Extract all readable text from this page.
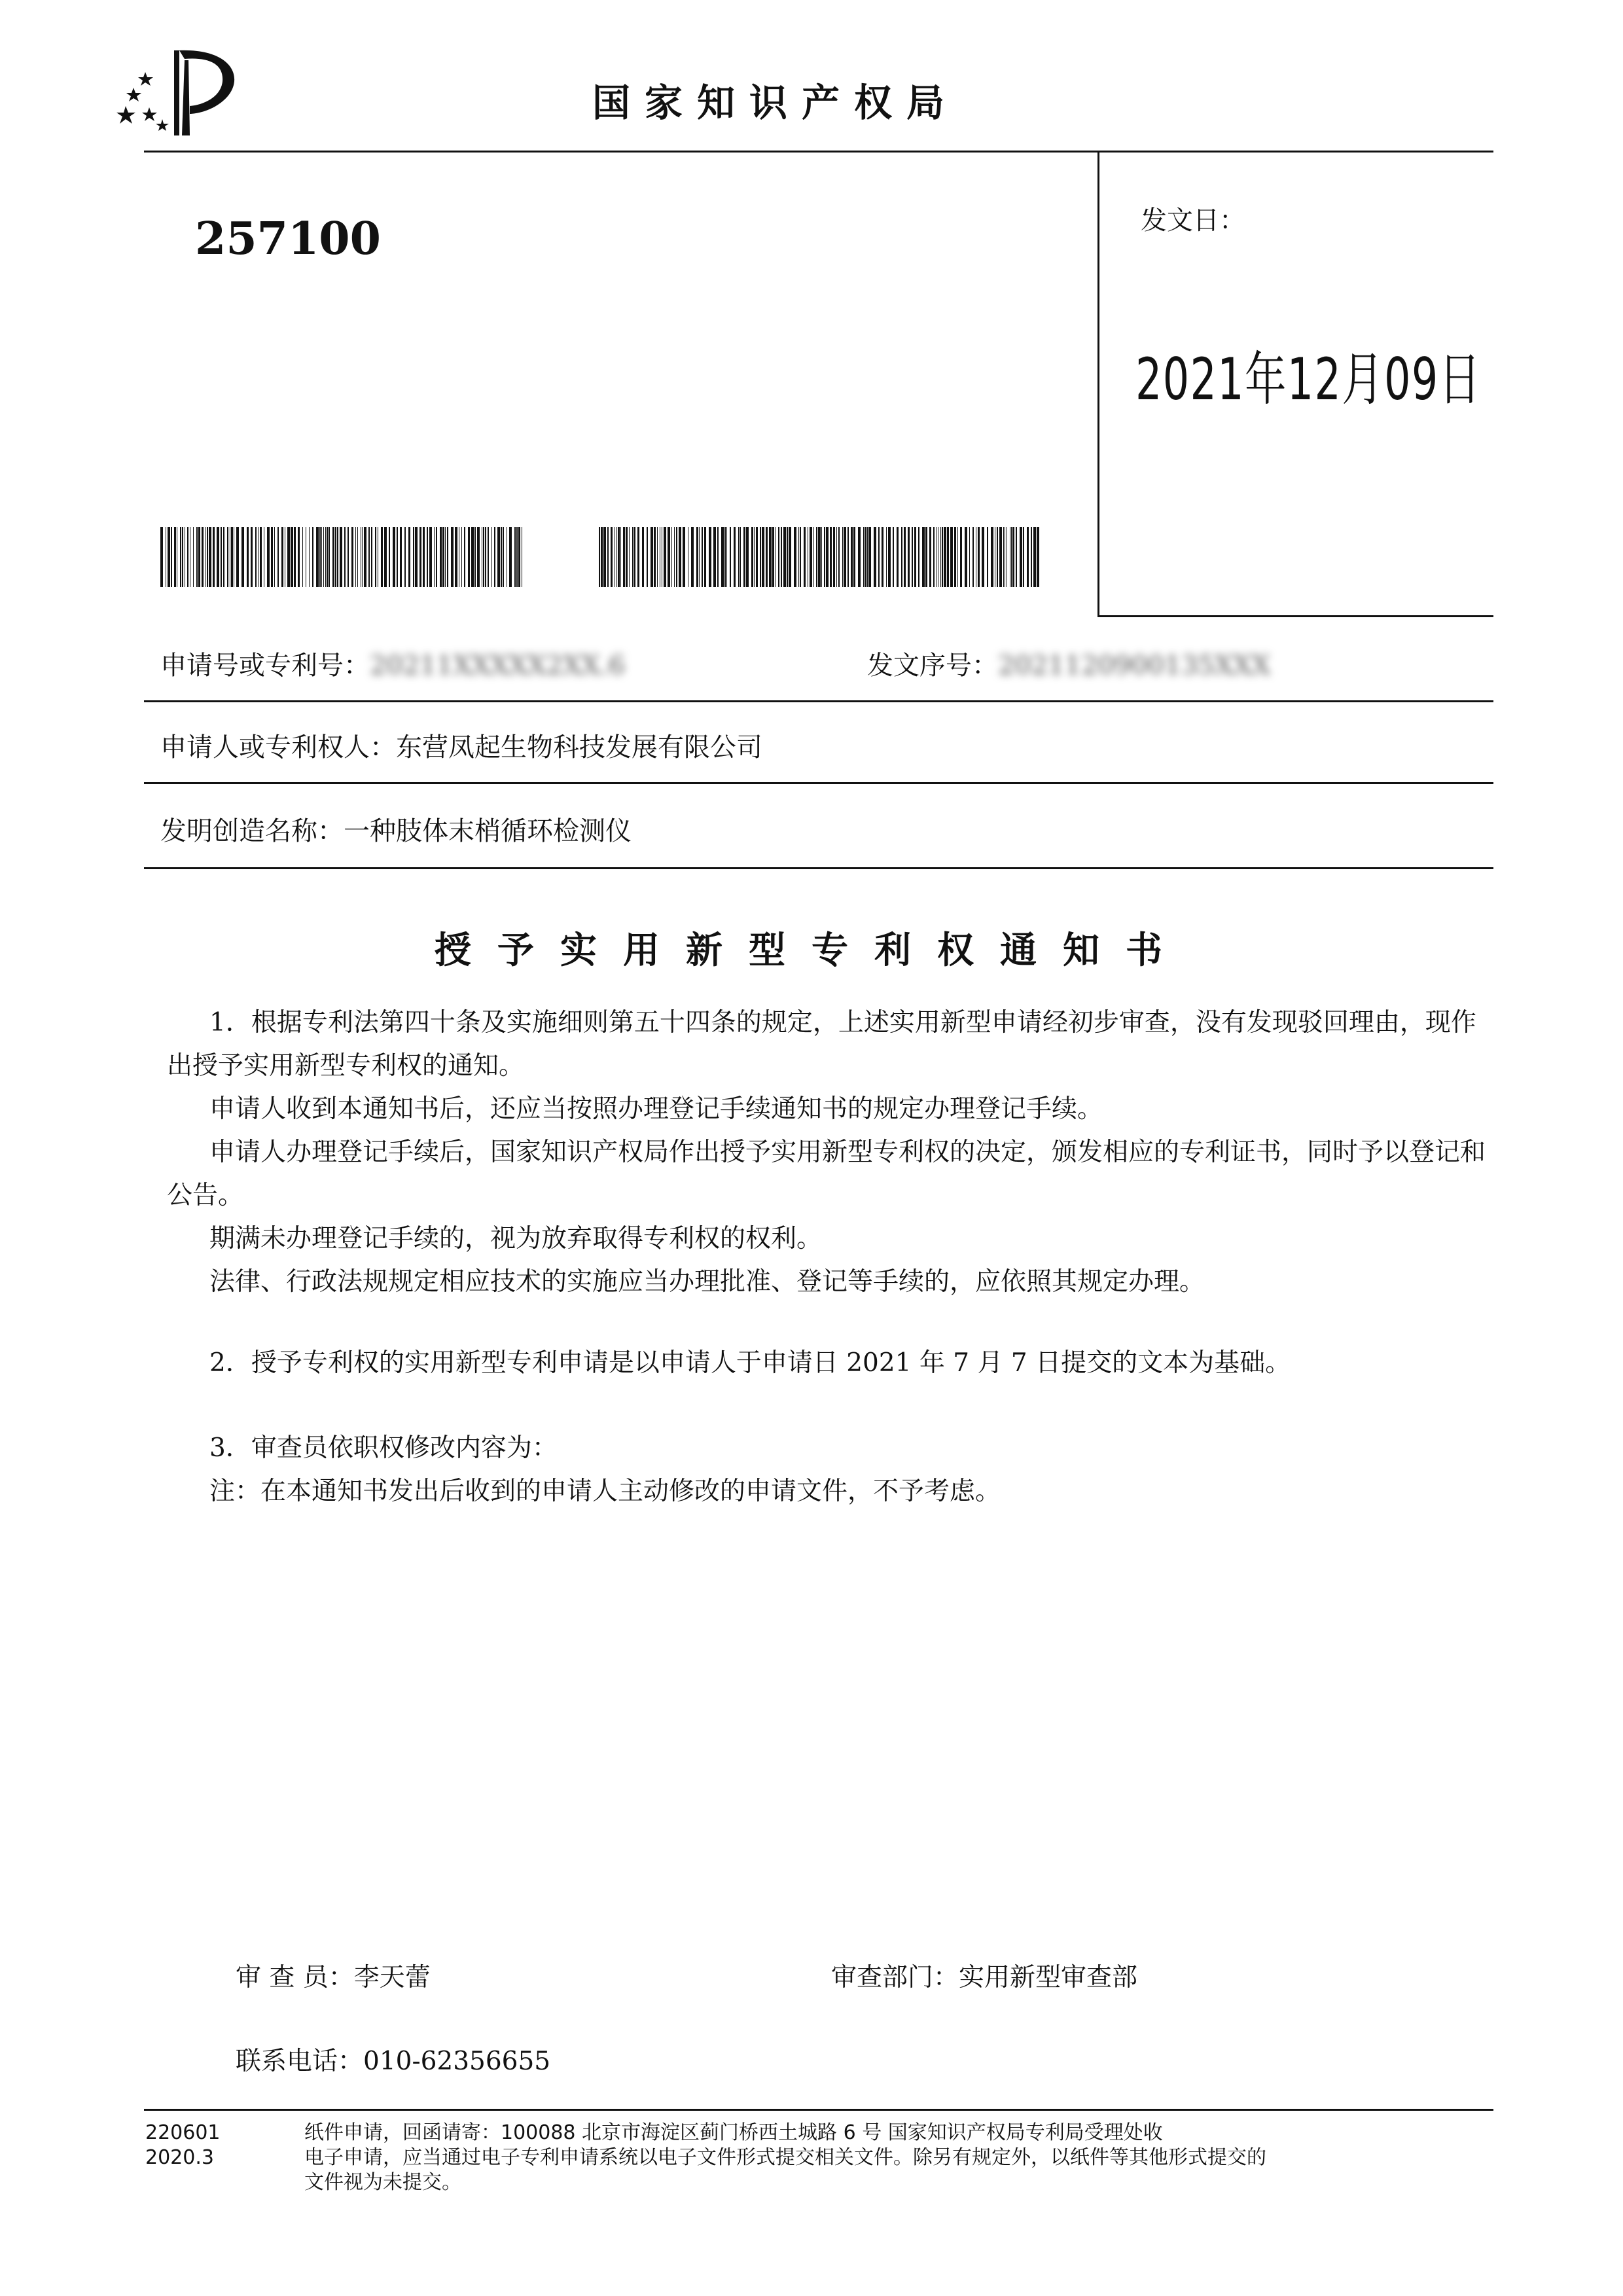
国家知识产权局
257100	发文日：
2021年12月09日
申请号或专利号：20211XXXXX2XX.6	发文序号：2021120900135XXX
申请人或专利权人：东营凤起生物科技发展有限公司
发明创造名称：一种肢体末梢循环检测仪
授予实用新型专利权通知书
1．根据专利法第四十条及实施细则第五十四条的规定，上述实用新型申请经初步审查，没有发现驳回理由，现作出授予实用新型专利权的通知。
申请人收到本通知书后，还应当按照办理登记手续通知书的规定办理登记手续。
申请人办理登记手续后，国家知识产权局作出授予实用新型专利权的决定，颁发相应的专利证书，同时予以登记和公告。
期满未办理登记手续的，视为放弃取得专利权的权利。
法律、行政法规规定相应技术的实施应当办理批准、登记等手续的，应依照其规定办理。
2．授予专利权的实用新型专利申请是以申请人于申请日 2021 年 7 月 7 日提交的文本为基础。
3．审查员依职权修改内容为：
注：在本通知书发出后收到的申请人主动修改的申请文件，不予考虑。
审 查 员：李天蕾	审查部门：实用新型审查部
联系电话：010-62356655
220601
2020.3
纸件申请，回函请寄：100088 北京市海淀区蓟门桥西土城路 6 号 国家知识产权局专利局受理处收
电子申请，应当通过电子专利申请系统以电子文件形式提交相关文件。除另有规定外，以纸件等其他形式提交的
文件视为未提交。
